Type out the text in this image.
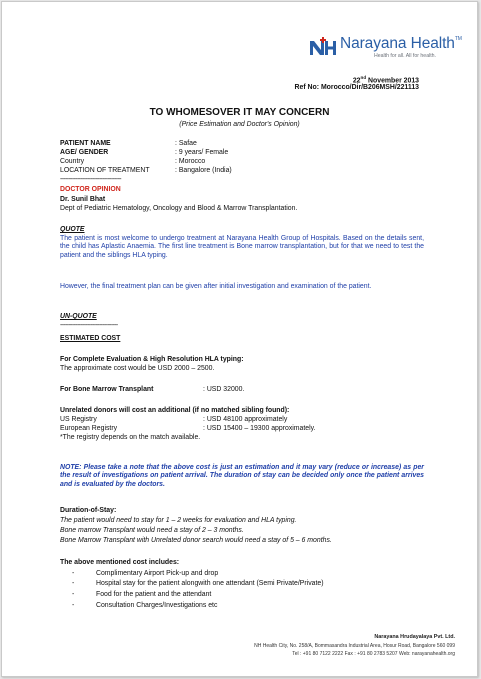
Narayana Health™
Health for all. All for health.
22nd November 2013
Ref No: Morocco/Dir/B206MSH/221113
TO WHOMESOVER IT MAY CONCERN
(Price Estimation and Doctor's Opinion)
PATIENT NAME	: Safae
AGE/ GENDER	: 9 years/ Female
Country	: Morocco
LOCATION OF TREATMENT	: Bangalore (India)
------------------------------------
DOCTOR OPINION
Dr. Sunil Bhat
Dept of Pediatric Hematology, Oncology and Blood & Marrow Transplantation.
QUOTE
The patient is most welcome to undergo treatment at Narayana Health Group of Hospitals. Based on the details sent, the child has Aplastic Anaemia. The first line treatment is Bone marrow transplantation, but for that we need to test the patient and the siblings HLA typing.
However, the final treatment plan can be given after initial investigation and examination of the patient.
UN-QUOTE
----------------------------------
ESTIMATED COST
For Complete Evaluation & High Resolution HLA typing:
The approximate cost would be USD 2000 – 2500.
For Bone Marrow Transplant	: USD 32000.
Unrelated donors will cost an additional (if no matched sibling found):
US Registry	: USD 48100 approximately
European Registry	: USD 15400 – 19300 approximately.
*The registry depends on the match available.
NOTE: Please take a note that the above cost is just an estimation and it may vary (reduce or increase) as per the result of investigations on patient arrival. The duration of stay can be decided only once the patient arrives and is evaluated by the doctors.
Duration-of-Stay:
The patient would need to stay for 1 – 2 weeks for evaluation and HLA typing.
Bone marrow Transplant would need a stay of 2 – 3 months.
Bone Marrow Transplant with Unrelated donor search would need a stay of 5 – 6 months.
The above mentioned cost includes:
-	Complimentary Airport Pick-up and drop
-	Hospital stay for the patient alongwith one attendant (Semi Private/Private)
-	Food for the patient and the attendant
-	Consultation Charges/Investigations etc
Narayana Hrudayalaya Pvt. Ltd.
NH Health City, No. 258/A, Bommasandra Industrial Area, Hosur Road, Bangalore 560 099
Tel : +91 80 7122 2222 Fax : +91 80 2783 5207 Web: narayanahealth.org
